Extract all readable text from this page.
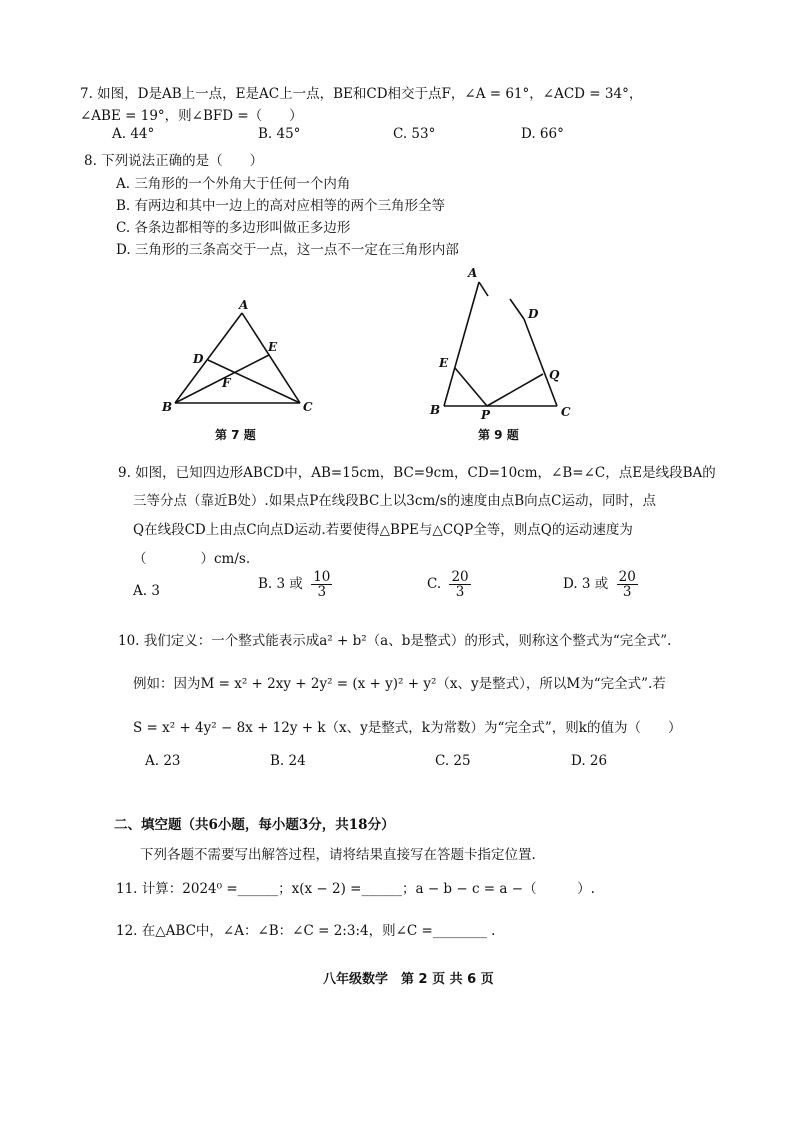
7. 如图，D是AB上一点，E是AC上一点，BE和CD相交于点F，∠A = 61°，∠ACD = 34°，
∠ABE = 19°，则∠BFD =（　　）
A. 44°	B. 45°	C. 53°	D. 66°
8. 下列说法正确的是（　　）
A. 三角形的一个外角大于任何一个内角
B. 有两边和其中一边上的高对应相等的两个三角形全等
C. 各条边都相等的多边形叫做正多边形
D. 三角形的三条高交于一点，这一点不一定在三角形内部
A
B	C
D
E
F
第 7 题
A
D
E
Q
B	P	C
第 9 题
9. 如图，已知四边形ABCD中，AB=15cm，BC=9cm，CD=10cm，∠B=∠C，点E是线段BA的
三等分点（靠近B处）.如果点P在线段BC上以3cm/s的速度由点B向点C运动，同时，点
Q在线段CD上由点C向点D运动.若要使得△BPE与△CQP全等，则点Q的运动速度为
（　　　　）cm/s.
A. 3	B. 3 或 $\frac{10}{3}$	C. $\frac{20}{3}$	D. 3 或 $\frac{20}{3}$
10. 我们定义：一个整式能表示成a² + b²（a、b是整式）的形式，则称这个整式为“完全式”.
例如：因为M = x² + 2xy + 2y² = (x + y)² + y²（x、y是整式），所以M为“完全式”.若
S = x² + 4y² − 8x + 12y + k（x、y是整式，k为常数）为“完全式”，则k的值为（　　）
A. 23	B. 24	C. 25	D. 26
二、填空题（共6小题，每小题3分，共18分）
下列各题不需要写出解答过程，请将结果直接写在答题卡指定位置.
11. 计算：2024⁰ =______；x(x − 2) =______；a − b − c = a −（　　　）.
12. 在△ABC中，∠A：∠B：∠C = 2:3:4，则∠C =________ .
八年级数学　第 2 页 共 6 页
